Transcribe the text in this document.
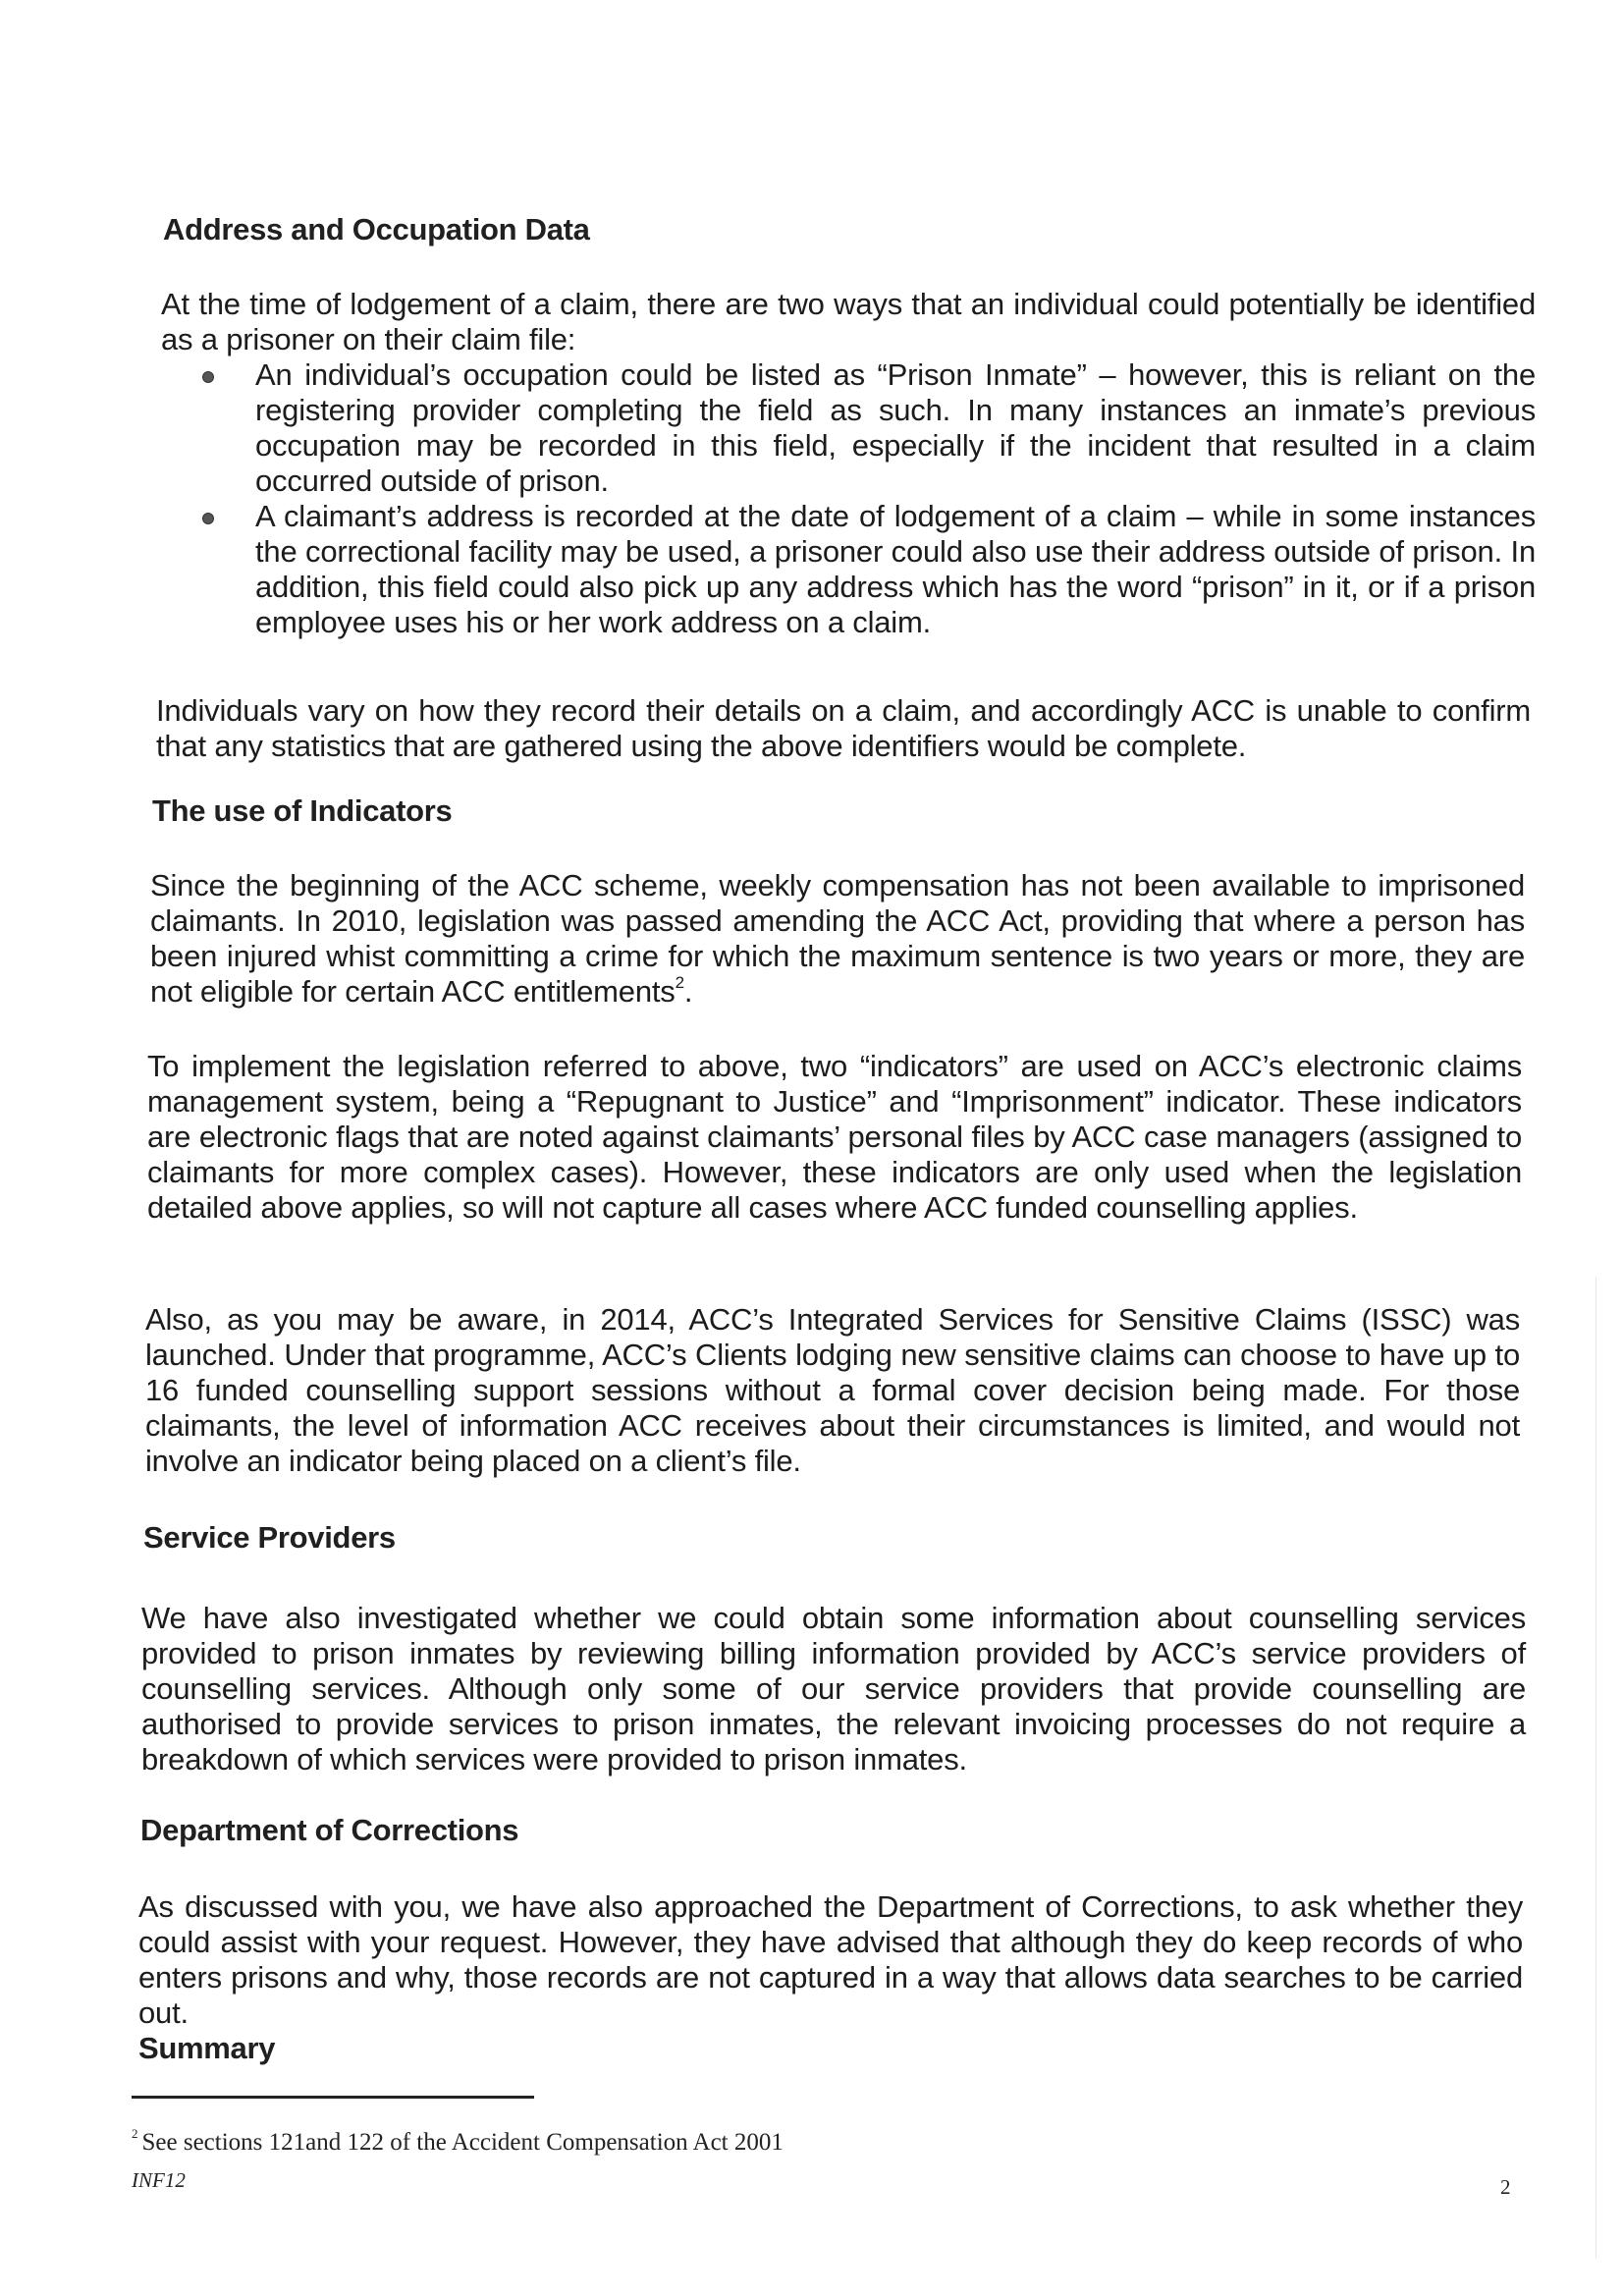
Address and Occupation Data
At the time of lodgement of a claim, there are two ways that an individual could potentially be identified as a prisoner on their claim file:
An individual’s occupation could be listed as “Prison Inmate” – however, this is reliant on the registering provider completing the field as such. In many instances an inmate’s previous occupation may be recorded in this field, especially if the incident that resulted in a claim occurred outside of prison.
A claimant’s address is recorded at the date of lodgement of a claim – while in some instances the correctional facility may be used, a prisoner could also use their address outside of prison. In addition, this field could also pick up any address which has the word “prison” in it, or if a prison employee uses his or her work address on a claim.
Individuals vary on how they record their details on a claim, and accordingly ACC is unable to confirm that any statistics that are gathered using the above identifiers would be complete.
The use of Indicators
Since the beginning of the ACC scheme, weekly compensation has not been available to imprisoned claimants. In 2010, legislation was passed amending the ACC Act, providing that where a person has been injured whist committing a crime for which the maximum sentence is two years or more, they are not eligible for certain ACC entitlements$^2$.
To implement the legislation referred to above, two “indicators” are used on ACC’s electronic claims management system, being a “Repugnant to Justice” and “Imprisonment” indicator. These indicators are electronic flags that are noted against claimants’ personal files by ACC case managers (assigned to claimants for more complex cases). However, these indicators are only used when the legislation detailed above applies, so will not capture all cases where ACC funded counselling applies.
Also, as you may be aware, in 2014, ACC’s Integrated Services for Sensitive Claims (ISSC) was launched. Under that programme, ACC’s Clients lodging new sensitive claims can choose to have up to 16 funded counselling support sessions without a formal cover decision being made. For those claimants, the level of information ACC receives about their circumstances is limited, and would not involve an indicator being placed on a client’s file.
Service Providers
We have also investigated whether we could obtain some information about counselling services provided to prison inmates by reviewing billing information provided by ACC’s service providers of counselling services. Although only some of our service providers that provide counselling are authorised to provide services to prison inmates, the relevant invoicing processes do not require a breakdown of which services were provided to prison inmates.
Department of Corrections
As discussed with you, we have also approached the Department of Corrections, to ask whether they could assist with your request. However, they have advised that although they do keep records of who enters prisons and why, those records are not captured in a way that allows data searches to be carried out.
Summary
$^2$ See sections 121and 122 of the Accident Compensation Act 2001
INF12	2
